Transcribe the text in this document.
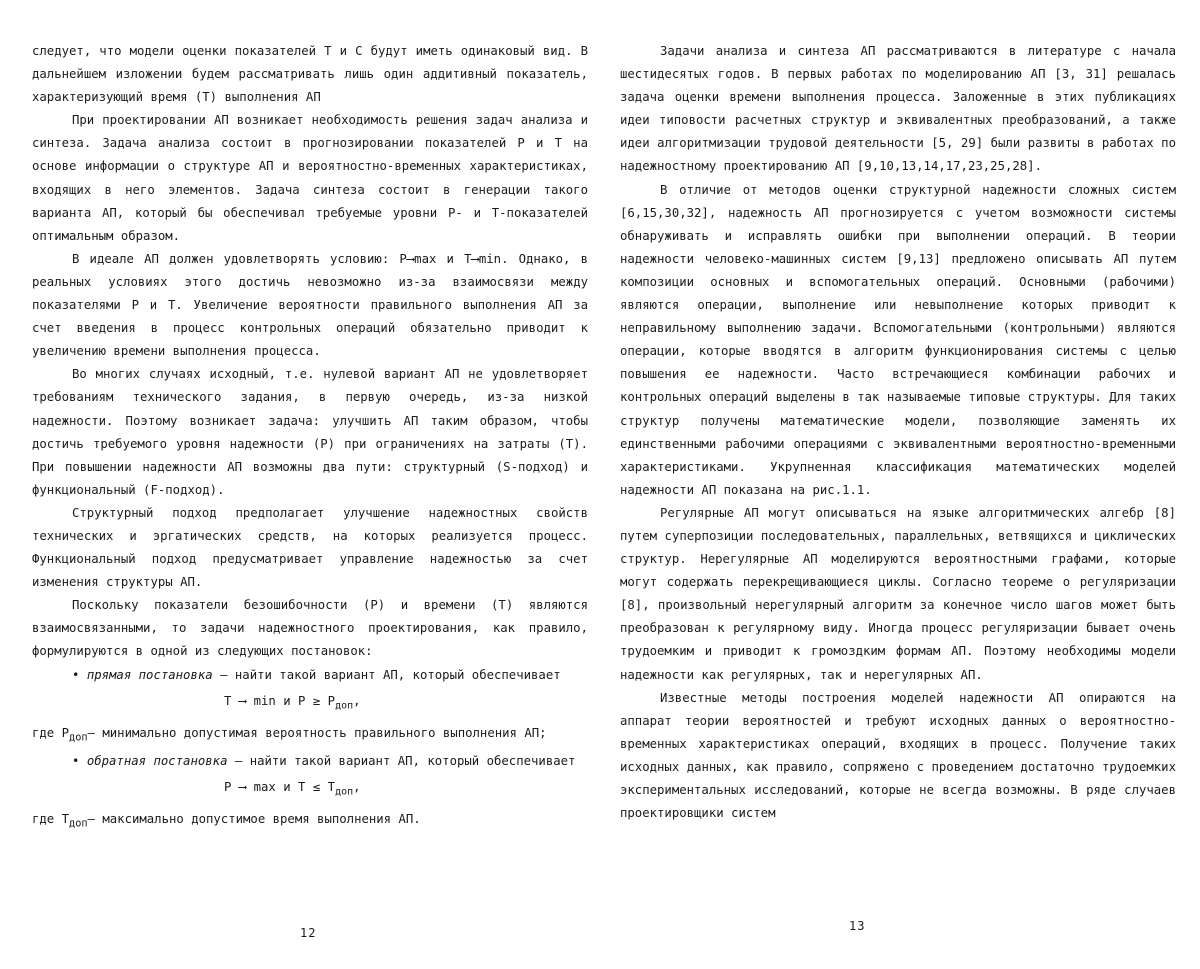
следует, что модели оценки показателей T и C будут иметь одинаковый вид. В дальнейшем изложении будем рассматривать лишь один аддитивный показатель, характеризующий время (T) выполнения АП

При проектировании АП возникает необходимость решения задач анализа и синтеза. Задача анализа состоит в прогнозировании показателей P и T на основе информации о структуре АП и вероятностно-временных характеристиках, входящих в него элементов. Задача синтеза состоит в генерации такого варианта АП, который бы обеспечивал требуемые уровни P- и T-показателей оптимальным образом.

В идеале АП должен удовлетворять условию: P⟶max и T⟶min. Однако, в реальных условиях этого достичь невозможно из-за взаимосвязи между показателями P и T. Увеличение вероятности правильного выполнения АП за счет введения в процесс контрольных операций обязательно приводит к увеличению времени выполнения процесса.

Во многих случаях исходный, т.е. нулевой вариант АП не удовлетворяет требованиям технического задания, в первую очередь, из-за низкой надежности. Поэтому возникает задача: улучшить АП таким образом, чтобы достичь требуемого уровня надежности (P) при ограничениях на затраты (T). При повышении надежности АП возможны два пути: структурный (S-подход) и функциональный (F-подход).

Структурный подход предполагает улучшение надежностных свойств технических и эргатических средств, на которых реализуется процесс. Функциональный подход предусматривает управление надежностью за счет изменения структуры АП.

Поскольку показатели безошибочности (P) и времени (T) являются взаимосвязанными, то задачи надежностного проектирования, как правило, формулируются в одной из следующих постановок:

• прямая постановка – найти такой вариант АП, который обеспечивает

T ⟶ min и $P \ge P_{доп}$,

где $P_{доп}-$ минимально допустимая вероятность правильного выполнения АП;

• обратная постановка – найти такой вариант АП, который обеспечивает

P ⟶ max и $T \le T_{доп}$,

где $T_{доп}-$ максимально допустимое время выполнения АП.

Задачи анализа и синтеза АП рассматриваются в литературе с начала шестидесятых годов. В первых работах по моделированию АП [3, 31] решалась задача оценки времени выполнения процесса. Заложенные в этих публикациях идеи типовости расчетных структур и эквивалентных преобразований, а также идеи алгоритмизации трудовой деятельности [5, 29] были развиты в работах по надежностному проектированию АП [9,10,13,14,17,23,25,28].

В отличие от методов оценки структурной надежности сложных систем [6,15,30,32], надежность АП прогнозируется с учетом возможности системы обнаруживать и исправлять ошибки при выполнении операций. В теории надежности человеко-машинных систем [9,13] предложено описывать АП путем композиции основных и вспомогательных операций. Основными (рабочими) являются операции, выполнение или невыполнение которых приводит к неправильному выполнению задачи. Вспомогательными (контрольными) являются операции, которые вводятся в алгоритм функционирования системы с целью повышения ее надежности. Часто встречающиеся комбинации рабочих и контрольных операций выделены в так называемые типовые структуры. Для таких структур получены математические модели, позволяющие заменять их единственными рабочими операциями с эквивалентными вероятностно-временными характеристиками. Укрупненная классификация математических моделей надежности АП показана на рис.1.1.

Регулярные АП могут описываться на языке алгоритмических алгебр [8] путем суперпозиции последовательных, параллельных, ветвящихся и циклических структур. Нерегулярные АП моделируются вероятностными графами, которые могут содержать перекрещивающиеся циклы. Согласно теореме о регуляризации [8], произвольный нерегулярный алгоритм за конечное число шагов может быть преобразован к регулярному виду. Иногда процесс регуляризации бывает очень трудоемким и приводит к громоздким формам АП. Поэтому необходимы модели надежности как регулярных, так и нерегулярных АП.

Известные методы построения моделей надежности АП опираются на аппарат теории вероятностей и требуют исходных данных о вероятностно-временных характеристиках операций, входящих в процесс. Получение таких исходных данных, как правило, сопряжено с проведением достаточно трудоемких экспериментальных исследований, которые не всегда возможны. В ряде случаев проектировщики систем

12	13
